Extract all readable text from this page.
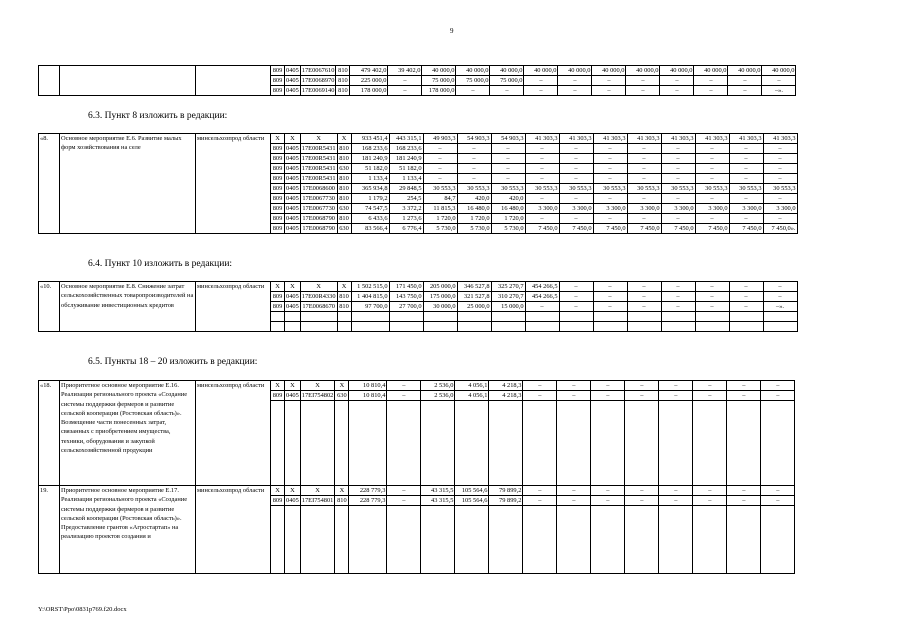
9
			809	0405	17Е0067610	810	479 402,0	39 402,0	40 000,0	40 000,0	40 000,0	40 000,0	40 000,0	40 000,0	40 000,0	40 000,0	40 000,0	40 000,0	40 000,0
			809	0405	17Е0068970	810	225 000,0	–	75 000,0	75 000,0	75 000,0	–	–	–	–	–	–	–	–
			809	0405	17Е0069140	810	178 000,0	–	178 000,0	–	–	–	–	–	–	–	–	–	–».
6.3. Пункт 8 изложить в редакции:
«8.	Основное мероприятие Е.6. Развитие малых форм хозяйствования на селе	минсельхозпрод области	Х	Х	Х	Х	933 451,4	443 315,1	49 903,3	54 903,3	54 903,3	41 303,3	41 303,3	41 303,3	41 303,3	41 303,3	41 303,3	41 303,3	41 303,3
			809	0405	17Е00R5431	810	168 233,6	168 233,6	–	–	–	–	–	–	–	–	–	–	–
			809	0405	17Е00R5431	810	181 240,9	181 240,9	–	–	–	–	–	–	–	–	–	–	–
			809	0405	17Е00R5431	630	51 182,0	51 182,0	–	–	–	–	–	–	–	–	–	–	–
			809	0405	17Е00R5431	810	1 133,4	1 133,4	–	–	–	–	–	–	–	–	–	–	–
			809	0405	17Е0068600	810	365 934,8	29 848,5	30 553,3	30 553,3	30 553,3	30 553,3	30 553,3	30 553,3	30 553,3	30 553,3	30 553,3	30 553,3	30 553,3
			809	0405	17Е0067730	810	1 179,2	254,5	84,7	420,0	420,0	–	–	–	–	–	–	–	–
			809	0405	17Е0067730	630	74 547,5	3 372,2	11 815,3	16 480,0	16 480,0	3 300,0	3 300,0	3 300,0	3 300,0	3 300,0	3 300,0	3 300,0	3 300,0
			809	0405	17Е0068790	810	6 433,6	1 273,6	1 720,0	1 720,0	1 720,0	–	–	–	–	–	–	–	–
			809	0405	17Е0068790	630	83 566,4	6 776,4	5 730,0	5 730,0	5 730,0	7 450,0	7 450,0	7 450,0	7 450,0	7 450,0	7 450,0	7 450,0	7 450,0».
6.4. Пункт 10 изложить в редакции:
«10.	Основное мероприятие Е.8. Снижение затрат сельскохозяйственных товаропроизводителей на обслуживание инвестиционных кредитов	минсельхозпрод области	Х	Х	Х	Х	1 502 515,0	171 450,0	205 000,0	346 527,8	325 270,7	454 266,5	–	–	–	–	–	–	–
			809	0405	17Е00R4330	810	1 404 815,0	143 750,0	175 000,0	321 527,8	310 270,7	454 266,5	–	–	–	–	–	–	–
			809	0405	17Е0068670	810	97 700,0	27 700,0	30 000,0	25 000,0	15 000,0	–	–	–	–	–	–	–	–».

6.5. Пункты 18 – 20 изложить в редакции:
«18.	Приоритетное основное мероприятие Е.16. Реализация регионального проекта «Создание системы поддержки фермеров и развитие сельской кооперации (Ростовская область)». Возмещение части понесенных затрат, связанных с приобретением имущества, техники, оборудования и закупкой сельскохозяйственной продукции	минсельхозпрод области	Х	Х	Х	Х	10 810,4	–	2 536,0	4 056,1	4 218,3	–	–	–	–	–	–	–	–
			809	0405	17ЕI754802	630	10 810,4	–	2 536,0	4 056,1	4 218,3	–	–	–	–	–	–	–	–

19.	Приоритетное основное мероприятие Е.17. Реализация регионального проекта «Создание системы поддержки фермеров и развитие сельской кооперации (Ростовская область)». Предоставление грантов «Агростартап» на реализацию проектов создания и	минсельхозпрод области	Х	Х	Х	Х	228 779,3	–	43 315,5	105 564,6	79 899,2	–	–	–	–	–	–	–	–
			809	0405	17ЕI754801	810	228 779,3	–	43 315,5	105 564,6	79 899,2	–	–	–	–	–	–	–	–

Y:\ORST\Ppo\0831p769.f20.docx
